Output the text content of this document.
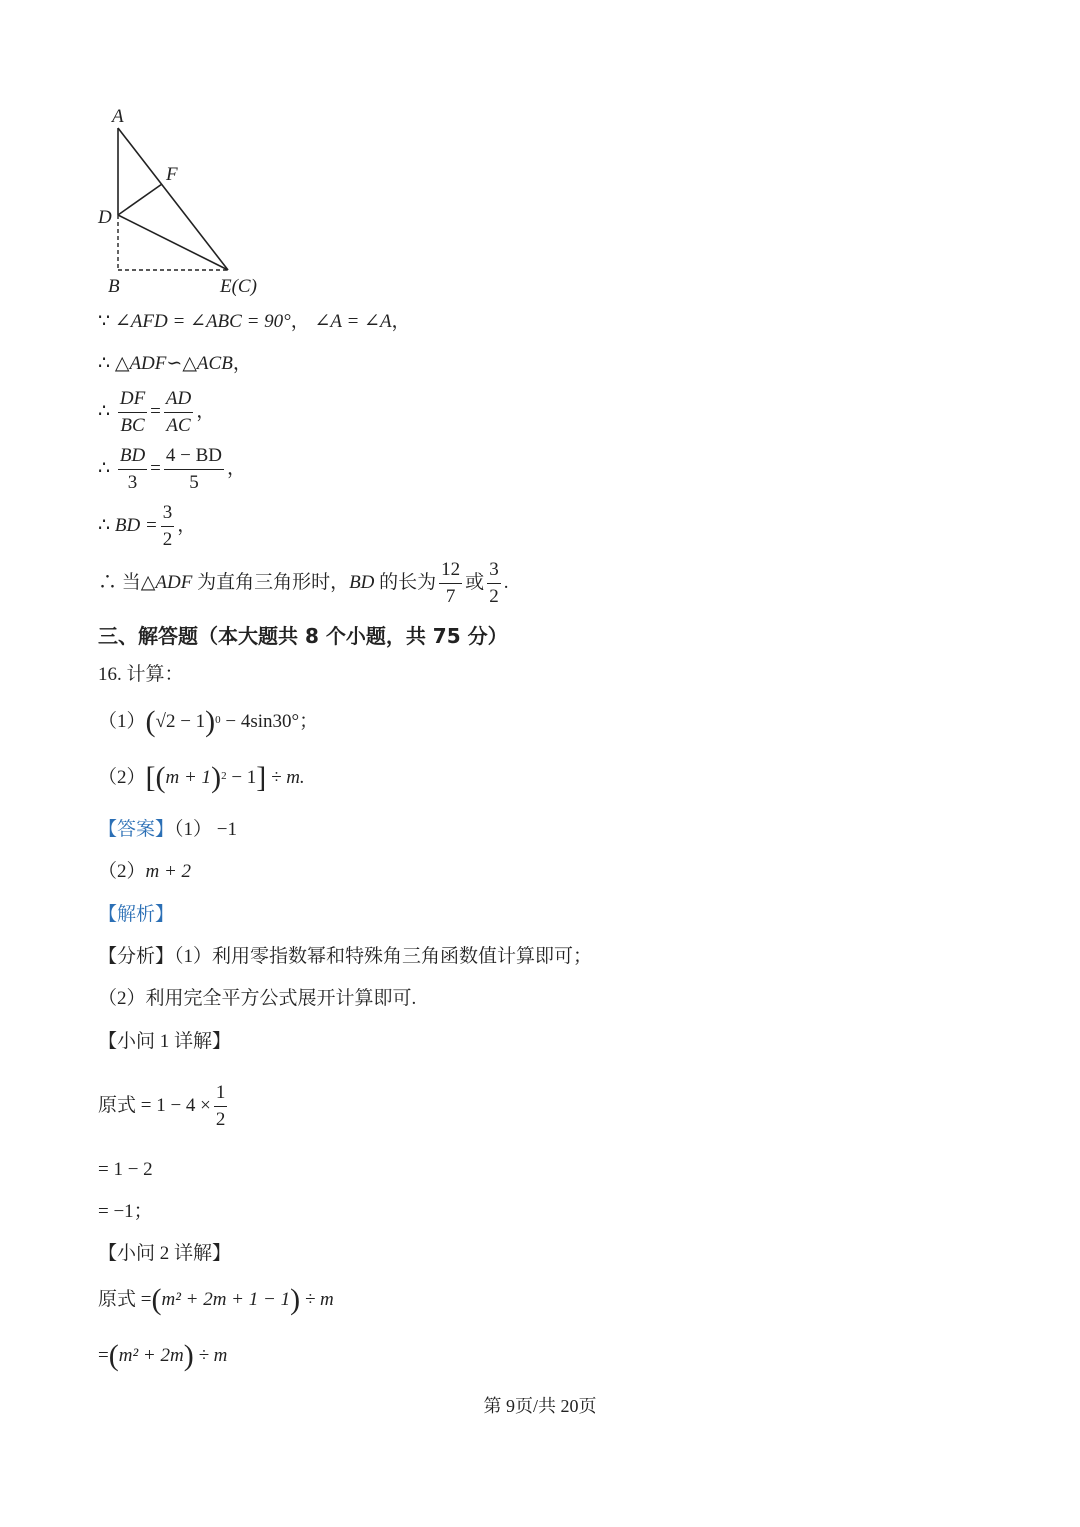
A
F
D
B	E(C)
∵ ∠AFD = ∠ABC = 90°， ∠A = ∠A，
∴ △ADF∽△ACB，
∴ $\frac{DF}{BC} = \frac{AD}{AC}$ ，
∴ $\frac{BD}{3} = \frac{4 - BD}{5}$ ，
∴ BD = $\frac{3}{2}$ ，
∴ 当△ADF 为直角三角形时，BD 的长为 $\frac{12}{7}$ 或 $\frac{3}{2}$ .
三、解答题（本大题共 8 个小题，共 75 分）
16. 计算：
$(1)(√2 - 1)^0 - 4\sin 30^\circ$；
$(2)[(m + 1)^2 - 1] \div m$.
【答案】（1） −1
（2）m + 2
【解析】
【分析】（1）利用零指数幂和特殊角三角函数值计算即可；
（2）利用完全平方公式展开计算即可.
【小问 1 详解】
原式 = $1 - 4 \times \frac{1}{2}$
= 1 − 2
= −1；
【小问 2 详解】
原式 =(m² + 2m + 1 − 1) ÷ m
=(m² + 2m) ÷ m
第 9页/共 20页
